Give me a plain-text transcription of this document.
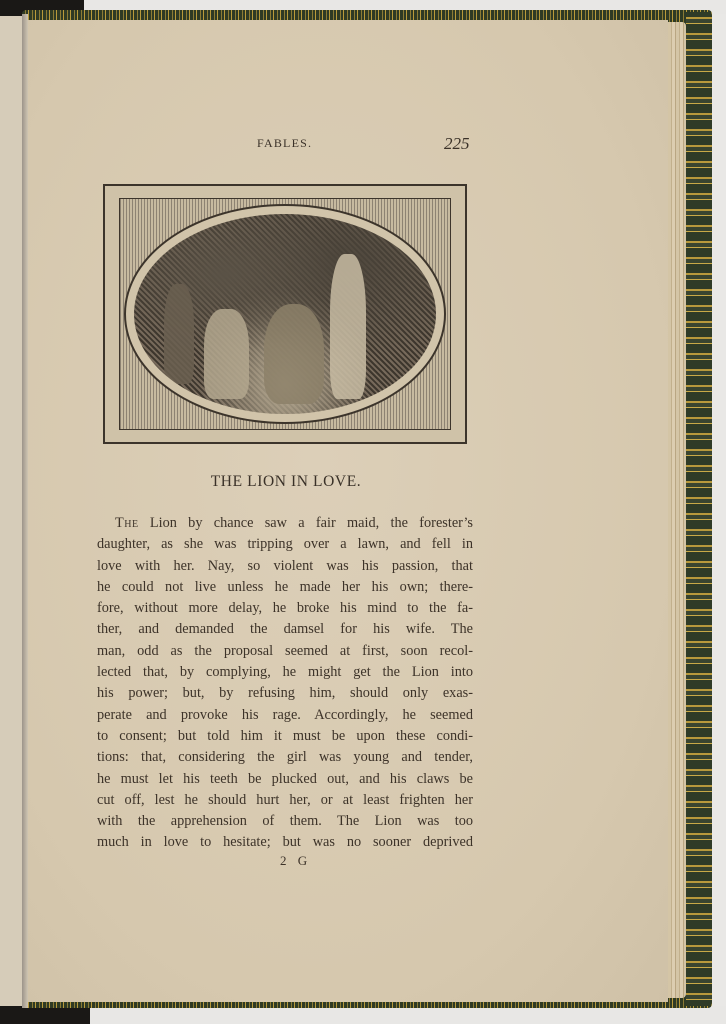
FABLES.	225
THE LION IN LOVE.
The Lion by chance saw a fair maid, the forester’s
daughter, as she was tripping over a lawn, and fell in
love with her. Nay, so violent was his passion, that
he could not live unless he made her his own; there-
fore, without more delay, he broke his mind to the fa-
ther, and demanded the damsel for his wife. The
man, odd as the proposal seemed at first, soon recol-
lected that, by complying, he might get the Lion into
his power; but, by refusing him, should only exas-
perate and provoke his rage. Accordingly, he seemed
to consent; but told him it must be upon these condi-
tions: that, considering the girl was young and tender,
he must let his teeth be plucked out, and his claws be
cut off, lest he should hurt her, or at least frighten her
with the apprehension of them. The Lion was too
much in love to hesitate; but was no sooner deprived
2 G
